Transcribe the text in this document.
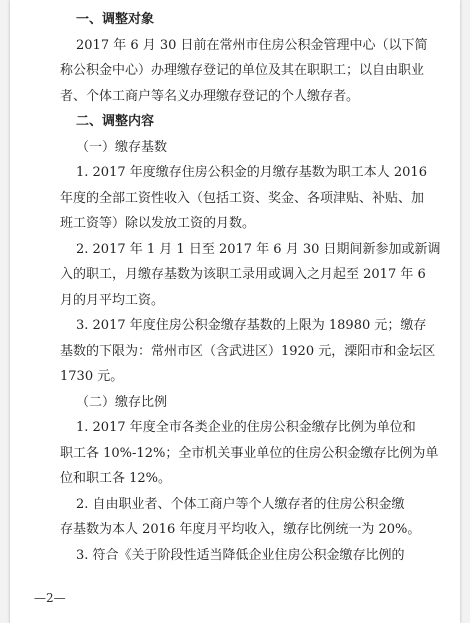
一、调整对象
2017 年 6 月 30 日前在常州市住房公积金管理中心（以下简
称公积金中心）办理缴存登记的单位及其在职职工；以自由职业
者、个体工商户等名义办理缴存登记的个人缴存者。
二、调整内容
（一）缴存基数
1. 2017 年度缴存住房公积金的月缴存基数为职工本人 2016
年度的全部工资性收入（包括工资、奖金、各项津贴、补贴、加
班工资等）除以发放工资的月数。
2. 2017 年 1 月 1 日至 2017 年 6 月 30 日期间新参加或新调
入的职工，月缴存基数为该职工录用或调入之月起至 2017 年 6
月的月平均工资。
3. 2017 年度住房公积金缴存基数的上限为 18980 元；缴存
基数的下限为：常州市区（含武进区）1920 元，溧阳市和金坛区
1730 元。
（二）缴存比例
1. 2017 年度全市各类企业的住房公积金缴存比例为单位和
职工各 10%-12%；全市机关事业单位的住房公积金缴存比例为单
位和职工各 12%。
2. 自由职业者、个体工商户等个人缴存者的住房公积金缴
存基数为本人 2016 年度月平均收入，缴存比例统一为 20%。
3. 符合《关于阶段性适当降低企业住房公积金缴存比例的
—2—
